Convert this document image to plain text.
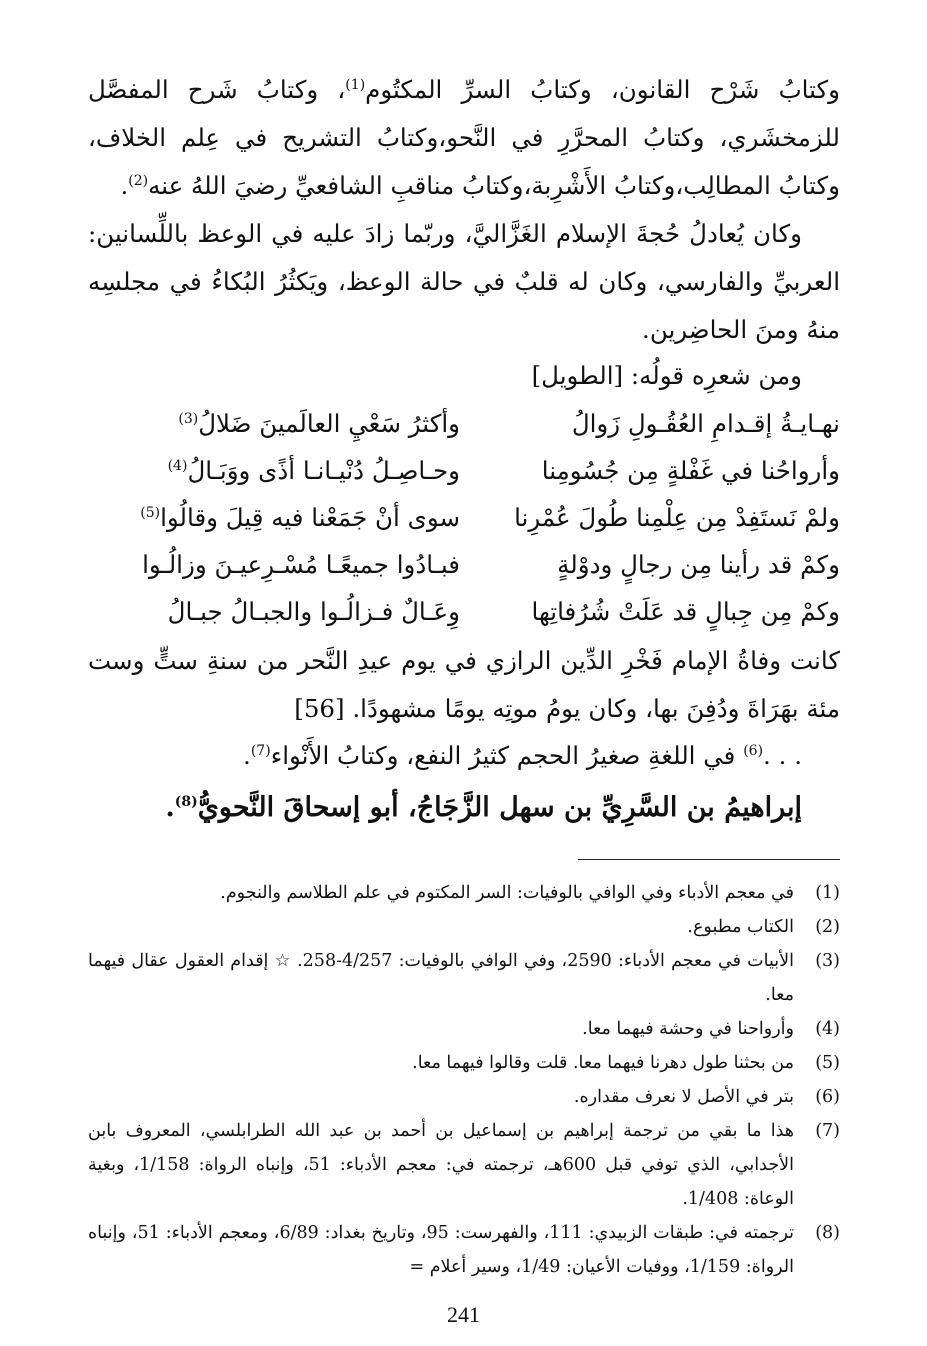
وكتابُ شَرْح القانون، وكتابُ السرِّ المكتُوم$^{(1)}$، وكتابُ شَرح المفصَّل للزمخشَري، وكتابُ المحرَّرِ في النَّحو،وكتابُ التشريح في عِلم الخلاف، وكتابُ المطالِب،وكتابُ الأَشْرِبة،وكتابُ مناقبِ الشافعيِّ رضيَ اللهُ عنه$^{(2)}$.

وكان يُعادلُ حُجةَ الإسلام الغَزَّاليَّ، وربّما زادَ عليه في الوعظ باللِّسانين: العربيِّ والفارسي، وكان له قلبٌ في حالة الوعظ، ويَكثُرُ البُكاءُ في مجلسِه منهُ ومنَ الحاضِرين.

ومن شعرِه قولُه: [الطويل]

نهـايـةُ إقـدامِ العُقُـولِ زَوالُ
وأكثرُ سَعْيِ العالَمينَ ضَلالُ$^{(3)}$
وأرواحُنا في غَفْلةٍ مِن جُسُومِنا
وحـاصِـلُ دُنْيـانـا أذًى ووَبَـالُ$^{(4)}$
ولمْ نَستَفِدْ مِن عِلْمِنا طُولَ عُمْرِنا
سوى أنْ جَمَعْنا فيه قِيلَ وقالُوا$^{(5)}$
وكمْ قد رأينا مِن رجالٍ ودوْلةٍ
فبـادُوا جميعًـا مُسْـرِعيـنَ وزالُـوا
وكمْ مِن جِبالٍ قد عَلَتْ شُرُفاتِها
وِعَـالٌ فـزالُـوا والجبـالُ جبـالُ

كانت وفاةُ الإمام فَخْرِ الدِّين الرازي في يوم عيدِ النَّحر من سنةِ ستٍّ وست مئة بهَرَاةَ ودُفِنَ بها، وكان يومُ موتِه يومًا مشهودًا. [56]

. . .$^{(6)}$ في اللغةِ صغيرُ الحجم كثيرُ النفع، وكتابُ الأَنْواء$^{(7)}$.

إبراهيمُ بن السَّرِيِّ بن سهل الزَّجَاجُ، أبو إسحاقَ النَّحويُّ$^{(8)}$.

(1)
في معجم الأدباء وفي الوافي بالوفيات: السر المكتوم في علم الطلاسم والنجوم.
(2)
الكتاب مطبوع.
(3)
الأبيات في معجم الأدباء: 2590، وفي الوافي بالوفيات: 4/257-258. ☆ إقدام العقول عقال فيهما معا.
(4)
وأرواحنا في وحشة فيهما معا.
(5)
من بحثنا طول دهرنا فيهما معا. قلت وقالوا فيهما معا.
(6)
بتر في الأصل لا نعرف مقداره.
(7)
هذا ما بقي من ترجمة إبراهيم بن إسماعيل بن أحمد بن عبد الله الطرابلسي، المعروف بابن الأجدابي، الذي توفي قبل 600هـ، ترجمته في: معجم الأدباء: 51، وإنباه الرواة: 1/158، وبغية الوعاة: 1/408.
(8)
ترجمته في: طبقات الزبيدي: 111، والفهرست: 95، وتاريخ بغداد: 6/89، ومعجم الأدباء: 51، وإنباه الرواة: 1/159، ووفيات الأعيان: 1/49، وسير أعلام =
241
